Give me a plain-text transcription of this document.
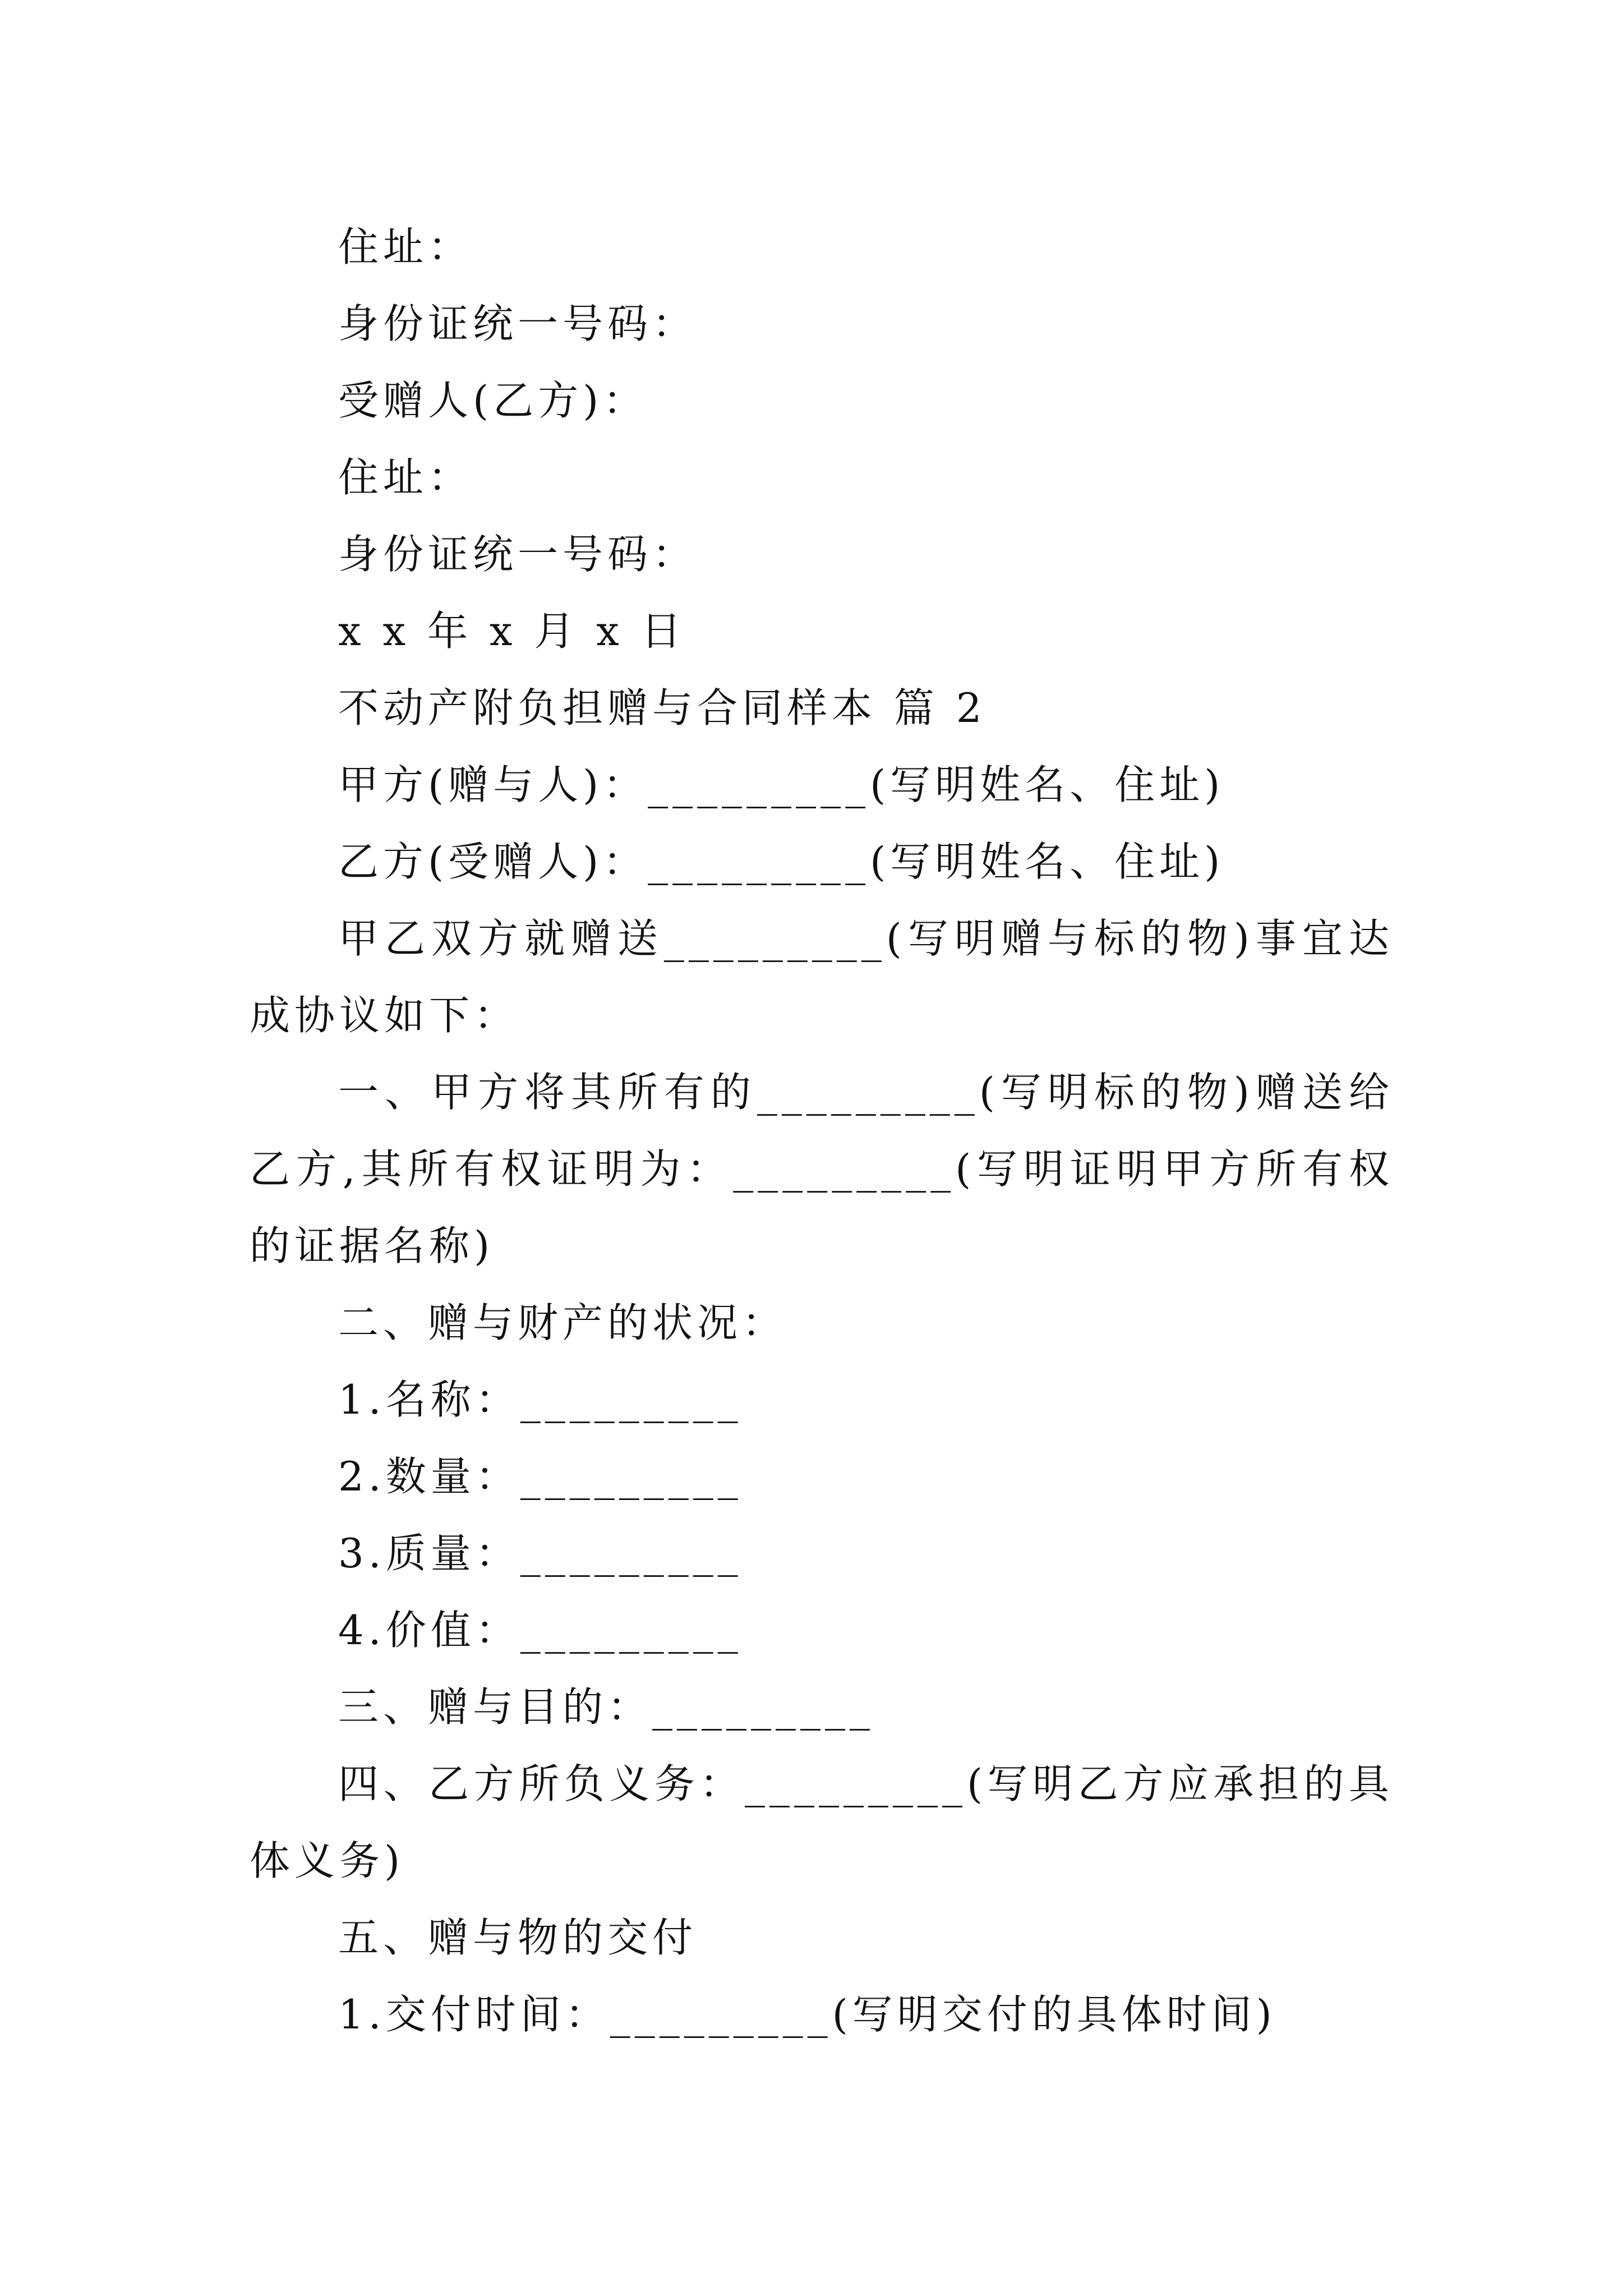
住址：

身份证统一号码：

受赠人(乙方)：

住址：

身份证统一号码：

x x 年 x 月 x 日

不动产附负担赠与合同样本 篇 2

甲方(赠与人)：_________(写明姓名、住址)

乙方(受赠人)：_________(写明姓名、住址)

甲乙双方就赠送_________(写明赠与标的物)事宜达成协议如下：

一、甲方将其所有的_________(写明标的物)赠送给乙方,其所有权证明为：_________(写明证明甲方所有权的证据名称)

二、赠与财产的状况：

1.名称：_________

2.数量：_________

3.质量：_________

4.价值：_________

三、赠与目的：_________

四、乙方所负义务：_________(写明乙方应承担的具体义务)

五、赠与物的交付

1.交付时间：_________(写明交付的具体时间)
